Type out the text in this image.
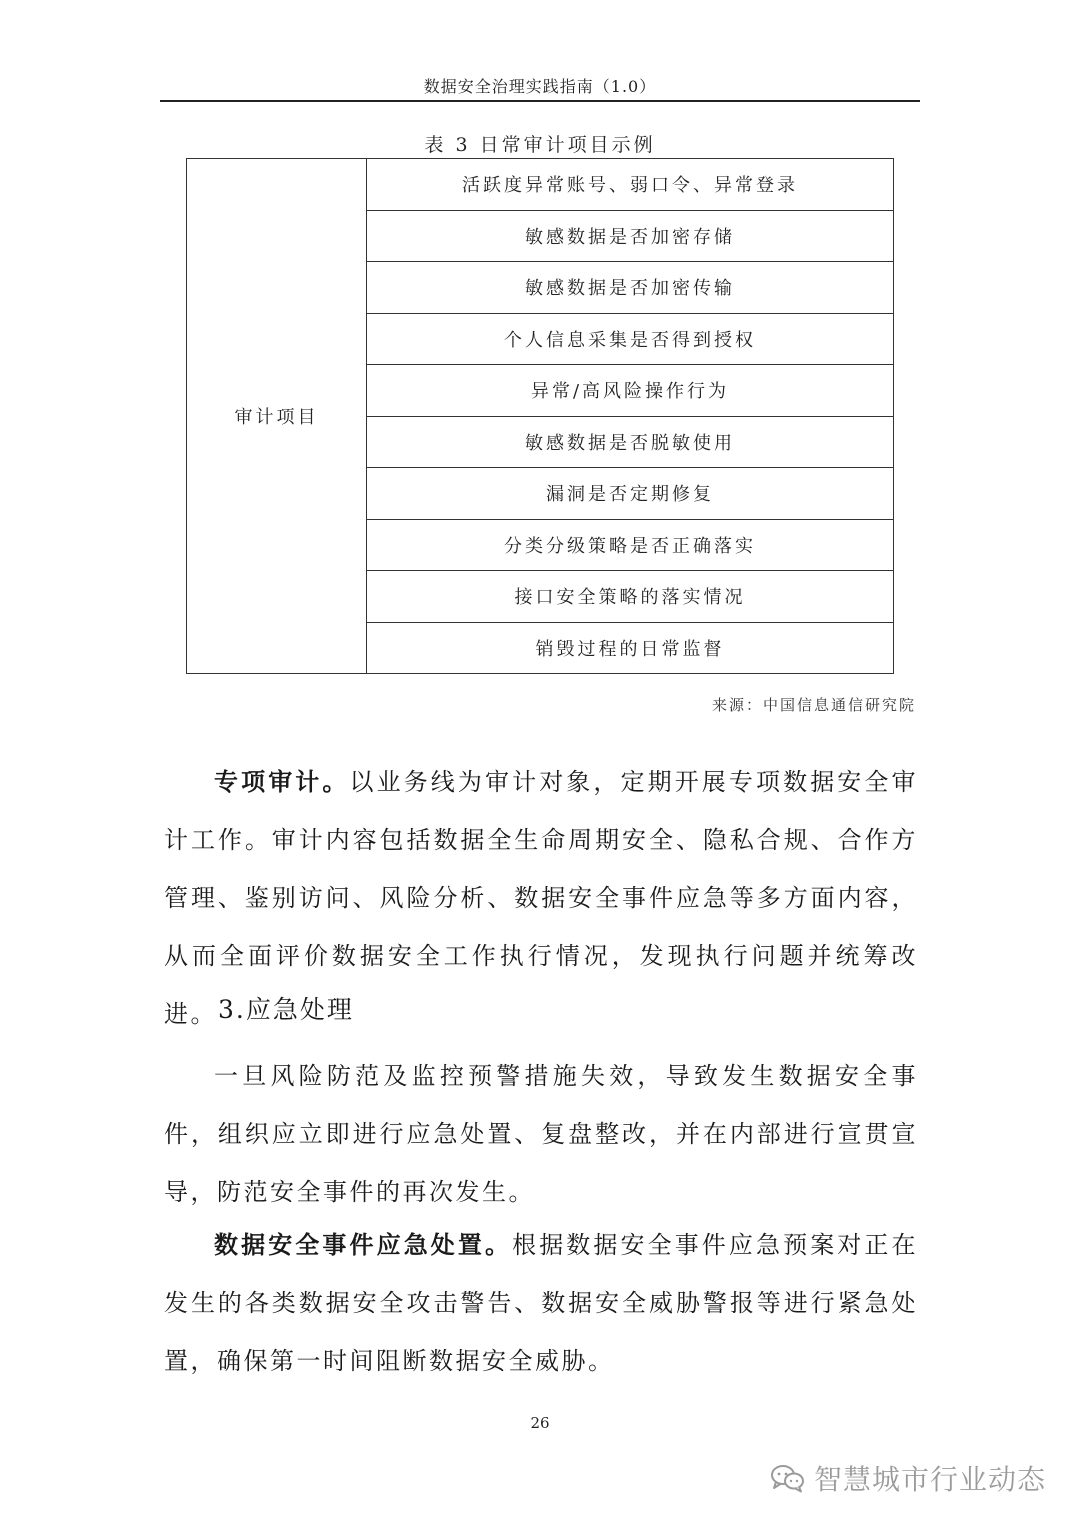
数据安全治理实践指南（1.0）
表 3 日常审计项目示例
审计项目	活跃度异常账号、弱口令、异常登录
敏感数据是否加密存储
敏感数据是否加密传输
个人信息采集是否得到授权
异常/高风险操作行为
敏感数据是否脱敏使用
漏洞是否定期修复
分类分级策略是否正确落实
接口安全策略的落实情况
销毁过程的日常监督
来源：中国信息通信研究院

专项审计。以业务线为审计对象，定期开展专项数据安全审计工作。审计内容包括数据全生命周期安全、隐私合规、合作方管理、鉴别访问、风险分析、数据安全事件应急等多方面内容，从而全面评价数据安全工作执行情况，发现执行问题并统筹改进。 3.应急处理

一旦风险防范及监控预警措施失效，导致发生数据安全事件，组织应立即进行应急处置、复盘整改，并在内部进行宣贯宣导，防范安全事件的再次发生。

数据安全事件应急处置。根据数据安全事件应急预案对正在发生的各类数据安全攻击警告、数据安全威胁警报等进行紧急处置，确保第一时间阻断数据安全威胁。

26
智慧城市行业动态
